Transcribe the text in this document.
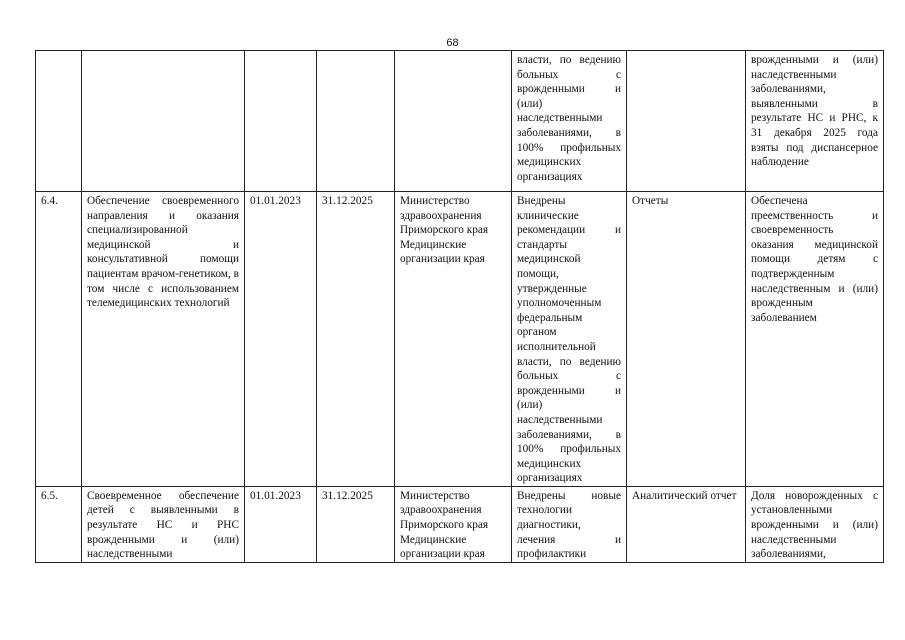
68
					власти, по ведению больных с врожденными и (или) наследственными заболеваниями, в 100% профильных медицинских организациях		врожденными и (или) наследственными заболеваниями, выявленными в результате НС и РНС, к 31 декабря 2025 года взяты под диспансерное наблюдение
6.4.	Обеспечение своевременного направления и оказания специализированной медицинской и консультативной помощи пациентам врачом-генетиком, в том числе с использованием телемедицинских технологий	01.01.2023	31.12.2025	Министерство здравоохранения Приморского края Медицинские организации края	Внедрены клинические рекомендации и стандарты медицинской помощи, утвержденные уполномоченным федеральным органом исполнительной власти, по ведению больных с врожденными и (или) наследственными заболеваниями, в 100% профильных медицинских организациях	Отчеты	Обеспечена преемственность и своевременность оказания медицинской помощи детям с подтвержденным наследственным и (или) врожденным заболеванием
6.5.	Своевременное обеспечение детей с выявленными в результате НС и РНС врожденными и (или) наследственными	01.01.2023	31.12.2025	Министерство здравоохранения Приморского края Медицинские организации края	Внедрены новые технологии диагностики, лечения и профилактики	Аналитический отчет	Доля новорожденных с установленными врожденными и (или) наследственными заболеваниями,
